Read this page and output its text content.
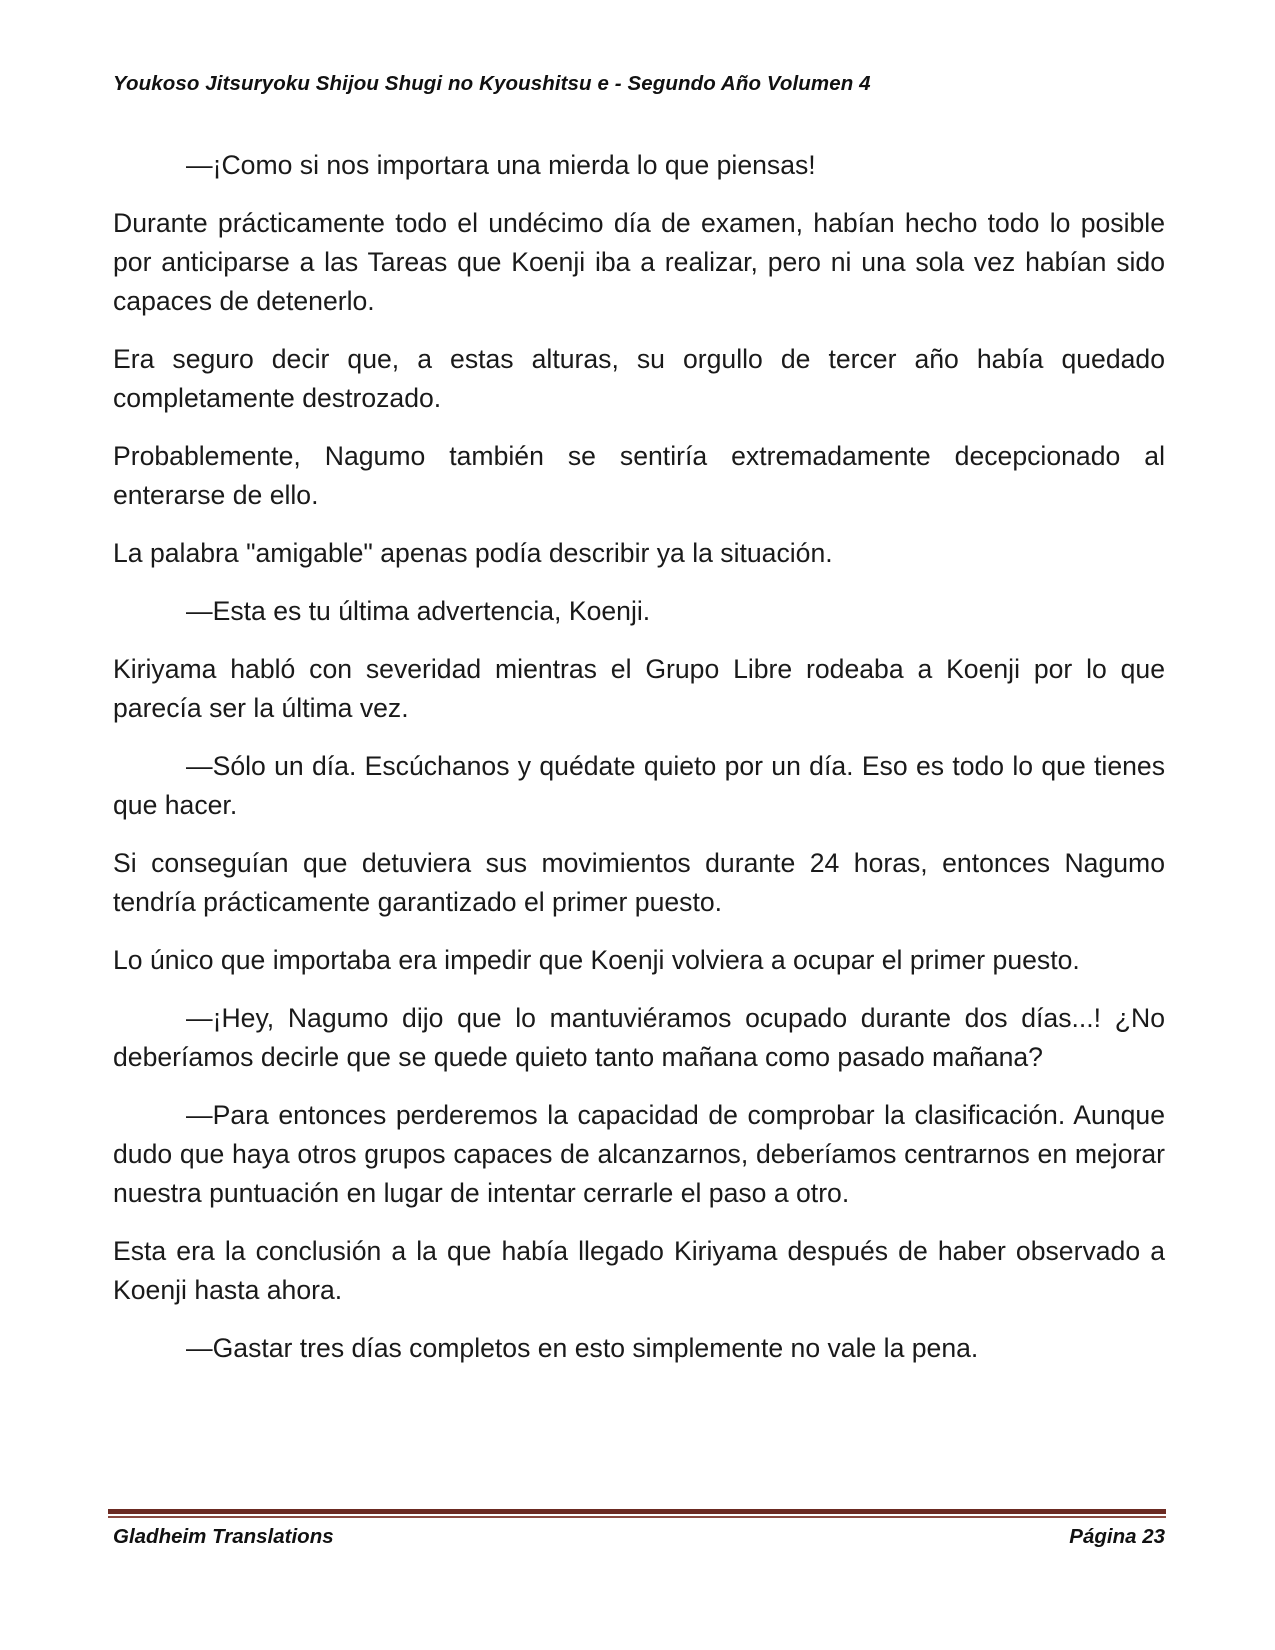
Youkoso Jitsuryoku Shijou Shugi no Kyoushitsu e - Segundo Año Volumen 4

—¡Como si nos importara una mierda lo que piensas!

Durante prácticamente todo el undécimo día de examen, habían hecho todo lo posible por anticiparse a las Tareas que Koenji iba a realizar, pero ni una sola vez habían sido capaces de detenerlo.

Era seguro decir que, a estas alturas, su orgullo de tercer año había quedado completamente destrozado.

Probablemente, Nagumo también se sentiría extremadamente decepcionado al enterarse de ello.

La palabra "amigable" apenas podía describir ya la situación.

—Esta es tu última advertencia, Koenji.

Kiriyama habló con severidad mientras el Grupo Libre rodeaba a Koenji por lo que parecía ser la última vez.

—Sólo un día. Escúchanos y quédate quieto por un día. Eso es todo lo que tienes que hacer.

Si conseguían que detuviera sus movimientos durante 24 horas, entonces Nagumo tendría prácticamente garantizado el primer puesto.

Lo único que importaba era impedir que Koenji volviera a ocupar el primer puesto.

—¡Hey, Nagumo dijo que lo mantuviéramos ocupado durante dos días...! ¿No deberíamos decirle que se quede quieto tanto mañana como pasado mañana?

—Para entonces perderemos la capacidad de comprobar la clasificación. Aunque dudo que haya otros grupos capaces de alcanzarnos, deberíamos centrarnos en mejorar nuestra puntuación en lugar de intentar cerrarle el paso a otro.

Esta era la conclusión a la que había llegado Kiriyama después de haber observado a Koenji hasta ahora.

—Gastar tres días completos en esto simplemente no vale la pena.

Gladheim Translations	Página 23
